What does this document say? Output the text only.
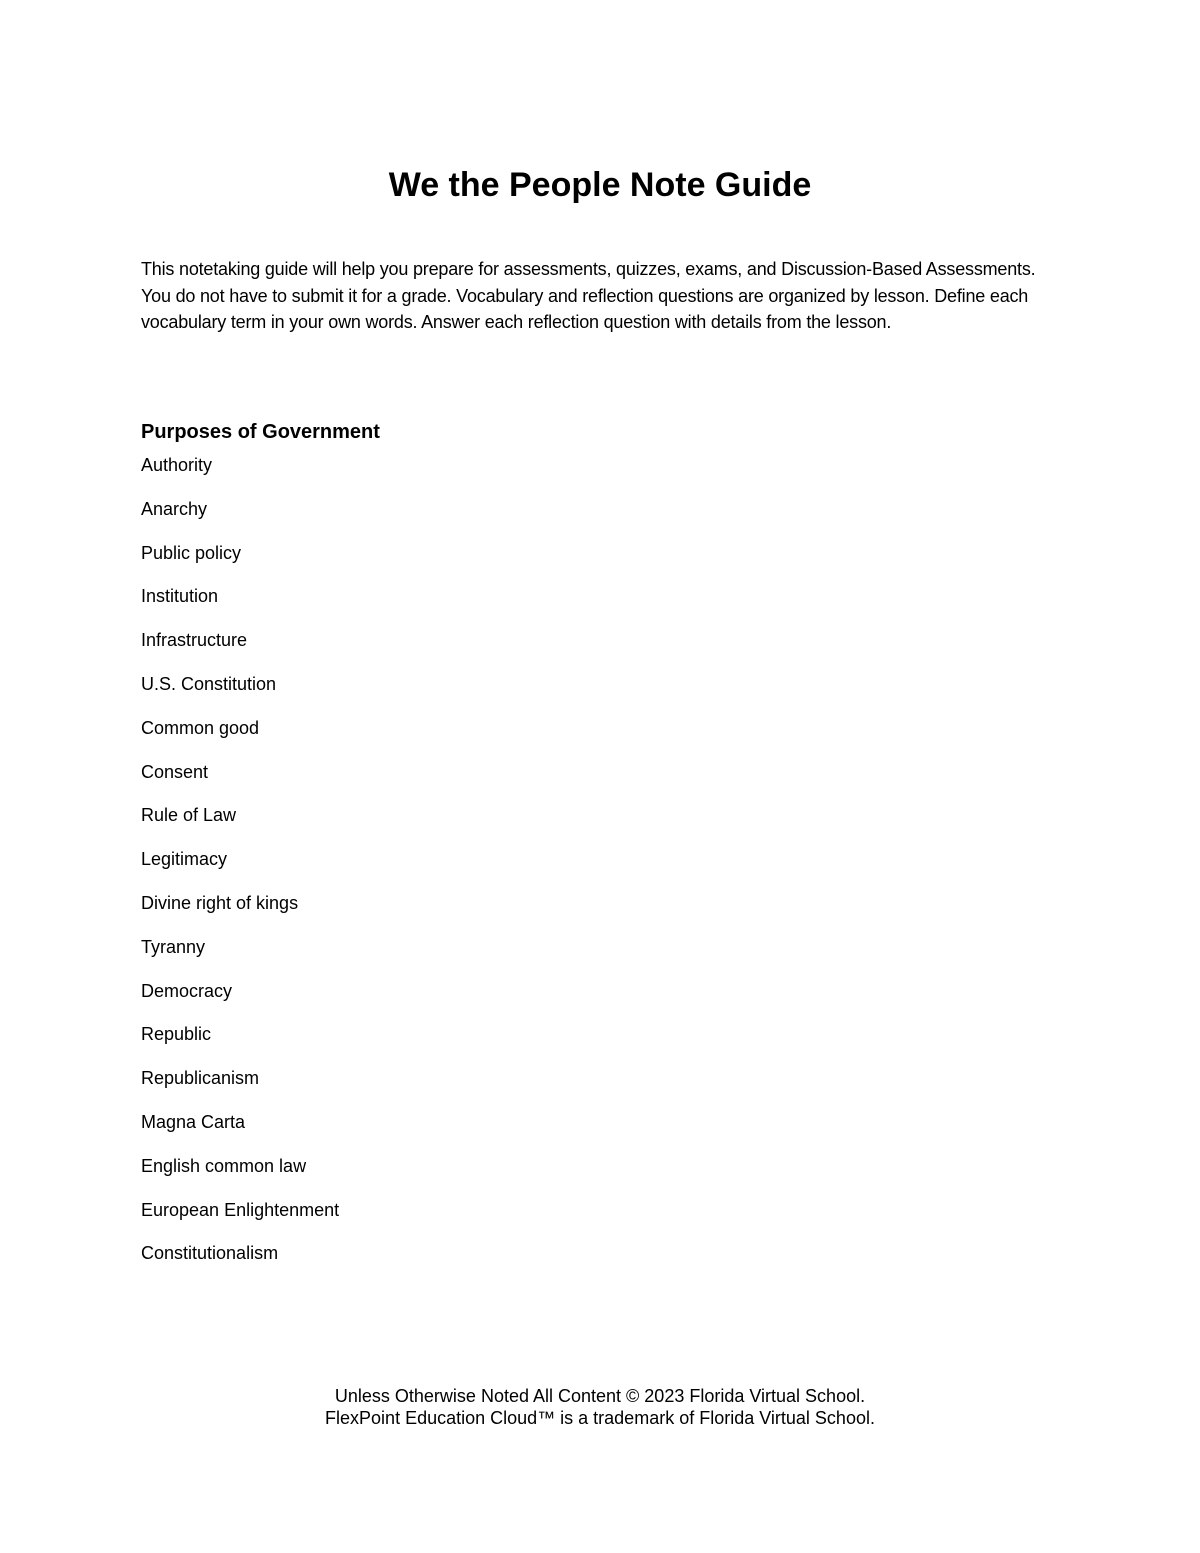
We the People Note Guide

This notetaking guide will help you prepare for assessments, quizzes, exams, and Discussion-Based Assessments. You do not have to submit it for a grade. Vocabulary and reflection questions are organized by lesson. Define each vocabulary term in your own words. Answer each reflection question with details from the lesson.

Purposes of Government
Authority
Anarchy
Public policy
Institution
Infrastructure
U.S. Constitution
Common good
Consent
Rule of Law
Legitimacy
Divine right of kings
Tyranny
Democracy
Republic
Republicanism
Magna Carta
English common law
European Enlightenment
Constitutionalism

Unless Otherwise Noted All Content © 2023 Florida Virtual School.

FlexPoint Education Cloud™ is a trademark of Florida Virtual School.
